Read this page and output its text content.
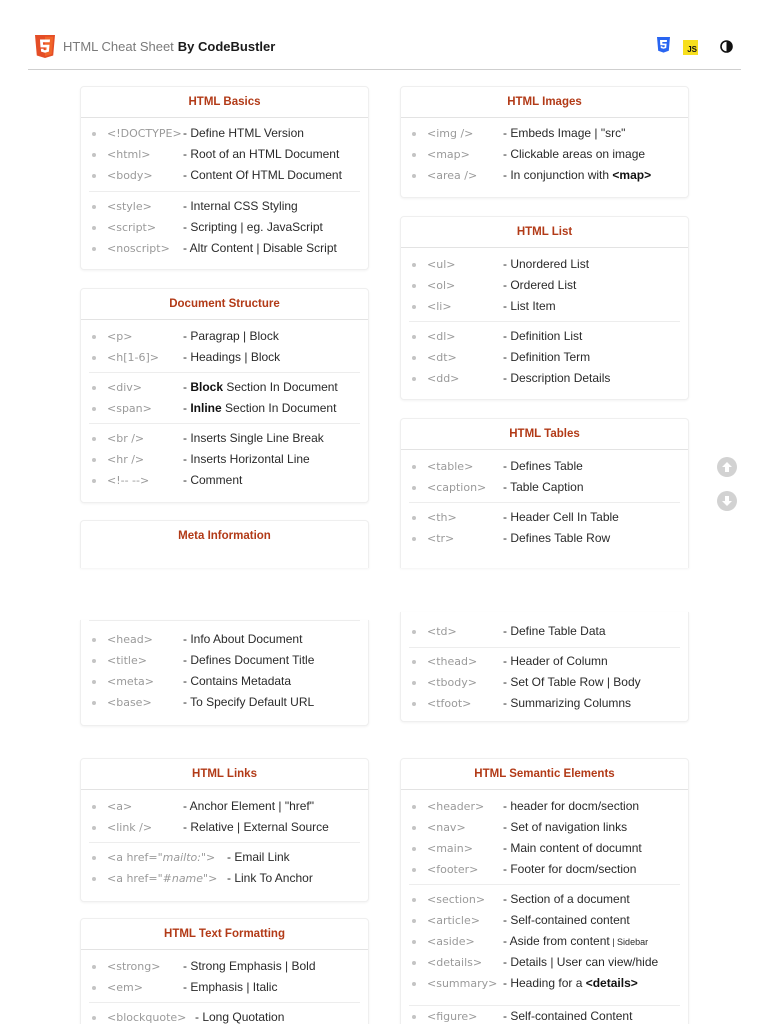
HTML Cheat Sheet By CodeBustler	JS
HTML Basics
<!DOCTYPE> - Define HTML Version
<html>	- Root of an HTML Document
<body>	- Content Of HTML Document
<style>	- Internal CSS Styling
<script> - Scripting | eg. JavaScript
<noscript> - Altr Content | Disable Script
Document Structure
<p>	- Paragrap | Block
<h[1-6]> - Headings | Block
<div>	- Block Section In Document
<span>	- Inline Section In Document
<br />	- Inserts Single Line Break
<hr />	- Inserts Horizontal Line
<!-- -->	- Comment
Meta Information
<head>	- Info About Document
<title>	- Defines Document Title
<meta> - Contains Metadata
<base>	- To Specify Default URL
HTML Links
<a>	- Anchor Element | "href"
<link />	- Relative | External Source
<a href="mailto:"> - Email Link
<a href="#name"> - Link To Anchor
HTML Text Formatting
<strong> - Strong Emphasis | Bold
<em>	- Emphasis | Italic
<blockquote> - Long Quotation
HTML Images
<img /> - Embeds Image | "src"
<map>	- Clickable areas on image
<area /> - In conjunction with <map>
HTML List
<ul>	- Unordered List
<ol>	- Ordered List
<li>	- List Item
<dl>	- Definition List
<dt>	- Definition Term
<dd>	- Description Details
HTML Tables
<table> - Defines Table
<caption> - Table Caption
<th>	- Header Cell In Table
<tr>	- Defines Table Row
<td>	- Define Table Data
<thead> - Header of Column
<tbody> - Set Of Table Row | Body
<tfoot>	- Summarizing Columns
HTML Semantic Elements
<header> - header for docm/section
<nav>	- Set of navigation links
<main>	- Main content of documnt
<footer> - Footer for docm/section
<section> - Section of a document
<article> - Self-contained content
<aside> - Aside from content | Sidebar
<details> - Details | User can view/hide
<summary> - Heading for a <details>
<figure> - Self-contained Content
